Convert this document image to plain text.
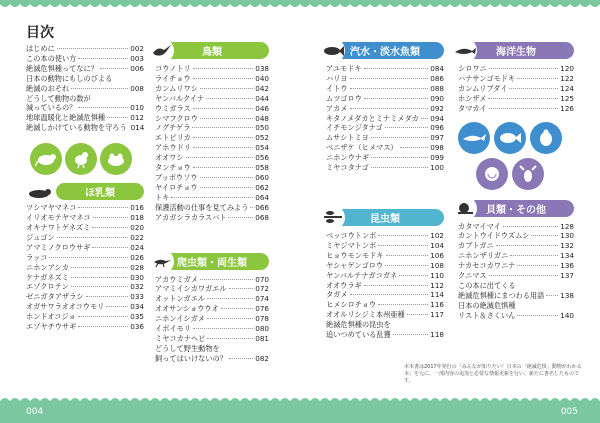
004	005
目次
はじめに	002
この本の使い方	003
絶滅危惧種ってなに？	006
日本の動物にもしのびよる
絶滅のおそれ	008
どうして動物の数が
減っているの？	010
地球温暖化と絶滅危惧種	012
絶滅しかけている動物を守ろう 014
ほ乳類
ツシマヤマネコ	016
イリオモテヤマネコ	018
オキナワトゲネズミ	020
ジュゴン	022
アマミノクロウサギ	024
ラッコ	026
ニホンアシカ	028
ケナガネズミ	030
エゾクロテン	032
ゼニガタアザラシ	033
オガサワラオオコウモリ	034
ホンドオコジョ	035
エゾヤチウサギ	036
鳥類
コウノトリ	038
ライチョウ	040
カンムリワシ	042
ヤンバルクイナ	044
ウミガラス	046
シマフクロウ	048
ノグチゲラ	050
エトピリカ	052
アホウドリ	054
オオワシ	056
タンチョウ	058
ブッポウソウ	060
ヤイロチョウ	062
トキ	064
保護活動の仕事を見てみよう 066
アカガシラカラスバト	068
爬虫類・両生類
アカウミガメ	070
アマミイシカワガエル	072
オットンガエル	074
オオサンショウウオ	076
ニホンイシガメ	078
イボイモリ	080
ミヤコカナヘビ	081
どうして野生動物を
飼ってはいけないの？	082
汽水・淡水魚類
アユモドキ	084
ハリヨ	086
イトウ	088
ムツゴロウ	090
アカメ	092
キタノメダカとミナミメダカ 094
イチモンジタナゴ	096
ムサシトミヨ	097
ベニザケ（ヒメマス）	098
ニホンウナギ	099
ミヤコタナゴ	100
昆虫類
ベッコウトンボ	102
ミヤジマトンボ	104
ヒョウモンモドキ	106
ヤシャゲンゴロウ	108
ヤンバルテナガコガネ	110
オオウラギ	112
タガメ	114
ヒメシロチョウ	116
オオルリシジミ本州亜種	117
絶滅危惧種の昆虫を
追いつめている乱獲	118
海洋生物
シロワニ	120
ハナサンゴモドキ	122
カンムリブダイ	124
ホシザメ	125
タマカイ	126
貝類・その他
カタマイマイ	128
カントウイドウズムシ	130
カブトガニ	132
ニホンザリガニ	134
ナカセコカワニナ	136
クニマス	137
この本に出てくる
絶滅危惧種にまつわる用語 138
日本の絶滅危惧種
リスト＆さくいん	140
本本書は2017年発行の「みんなが知りたい！日本の「絶滅危惧」動物がわかる本」を元に、一部内容の追加と必要な情報更新を行い、新たに書名したものです。
